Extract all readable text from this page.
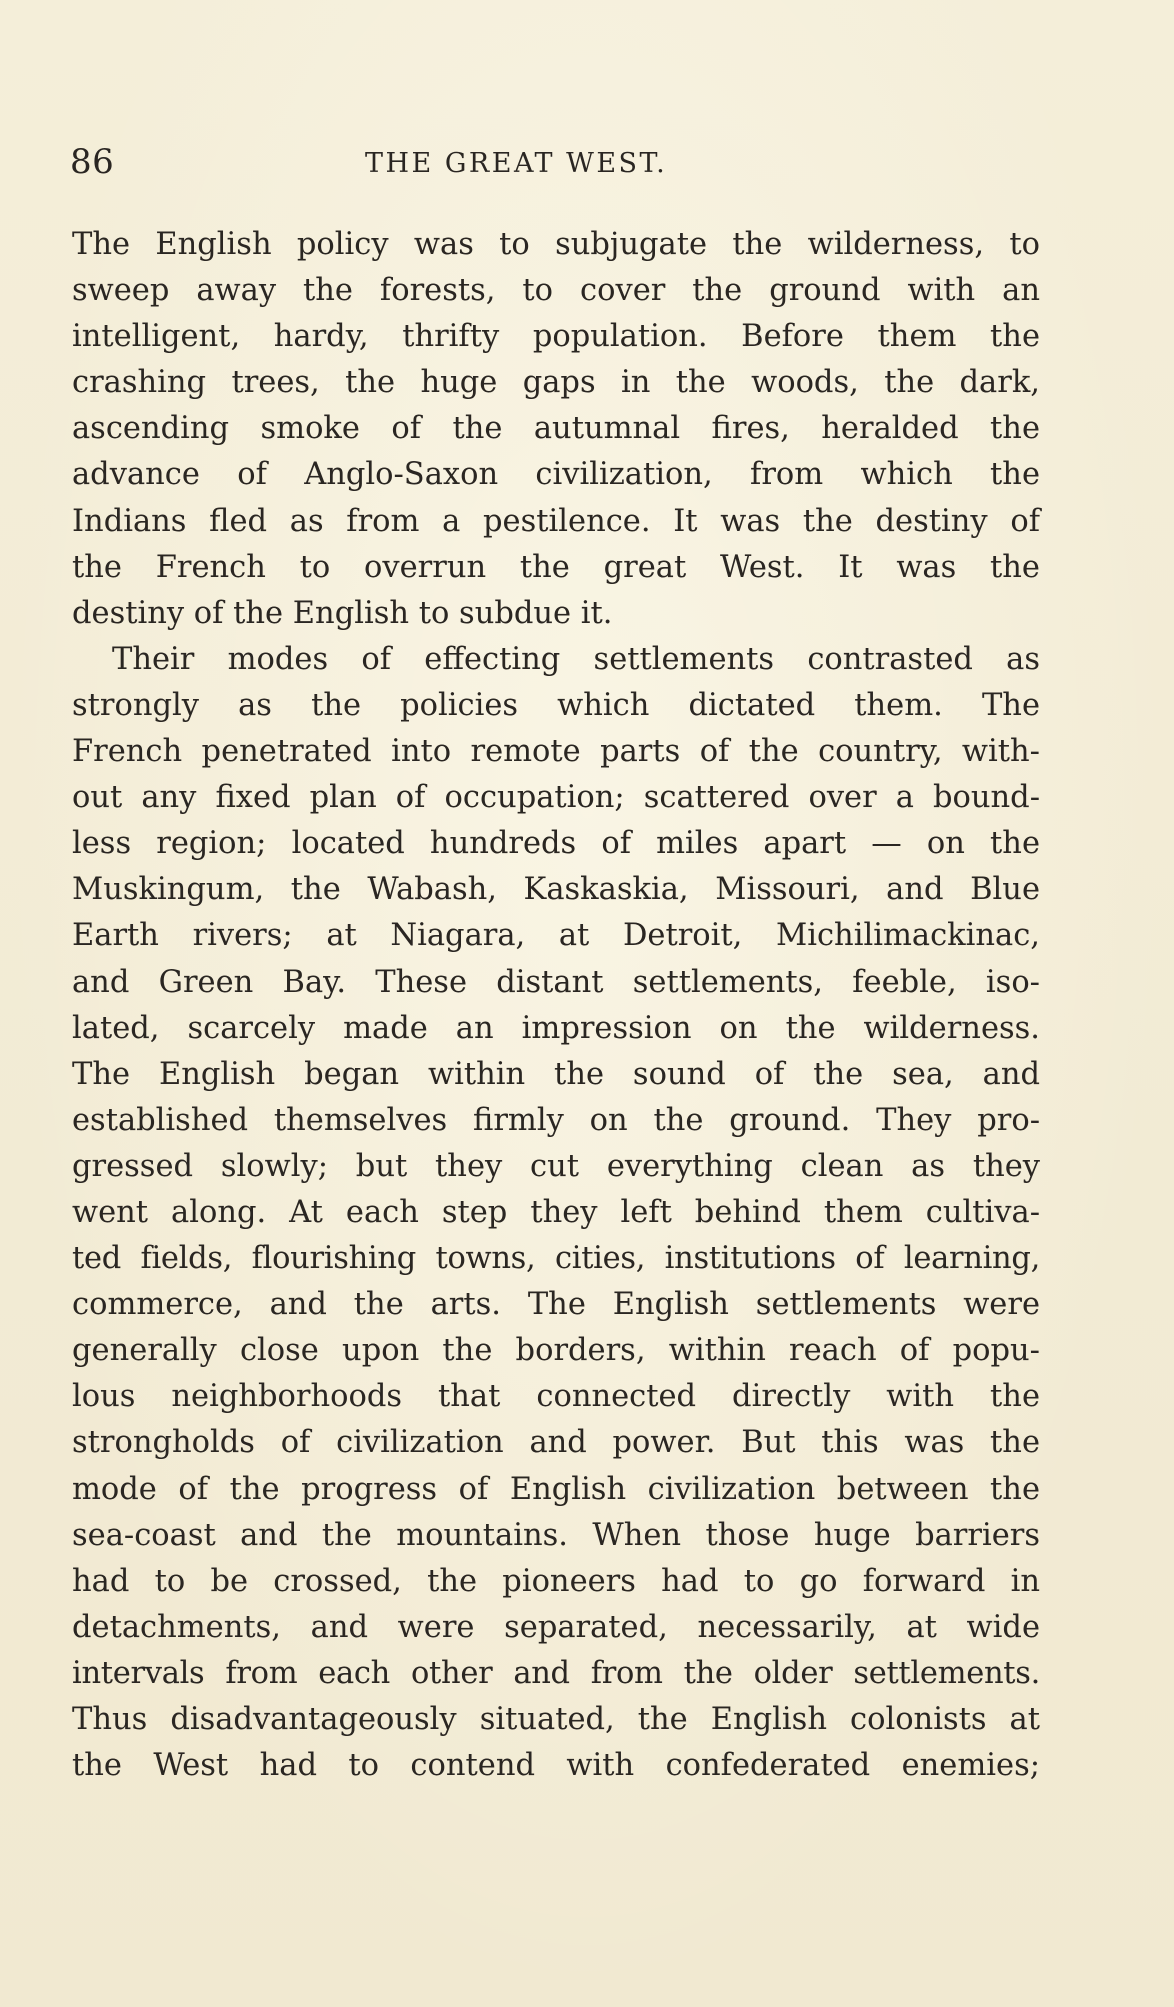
86	THE GREAT WEST.
The English policy was to subjugate the wilderness, to
sweep away the forests, to cover the ground with an
intelligent, hardy, thrifty population. Before them the
crashing trees, the huge gaps in the woods, the dark,
ascending smoke of the autumnal fires, heralded the
advance of Anglo-Saxon civilization, from which the
Indians fled as from a pestilence. It was the destiny of
the French to overrun the great West. It was the
destiny of the English to subdue it.
Their modes of effecting settlements contrasted as
strongly as the policies which dictated them. The
French penetrated into remote parts of the country, with-
out any fixed plan of occupation; scattered over a bound-
less region; located hundreds of miles apart — on the
Muskingum, the Wabash, Kaskaskia, Missouri, and Blue
Earth rivers; at Niagara, at Detroit, Michilimackinac,
and Green Bay. These distant settlements, feeble, iso-
lated, scarcely made an impression on the wilderness.
The English began within the sound of the sea, and
established themselves firmly on the ground. They pro-
gressed slowly; but they cut everything clean as they
went along. At each step they left behind them cultiva-
ted fields, flourishing towns, cities, institutions of learning,
commerce, and the arts. The English settlements were
generally close upon the borders, within reach of popu-
lous neighborhoods that connected directly with the
strongholds of civilization and power. But this was the
mode of the progress of English civilization between the
sea-coast and the mountains. When those huge barriers
had to be crossed, the pioneers had to go forward in
detachments, and were separated, necessarily, at wide
intervals from each other and from the older settlements.
Thus disadvantageously situated, the English colonists at
the West had to contend with confederated enemies;
